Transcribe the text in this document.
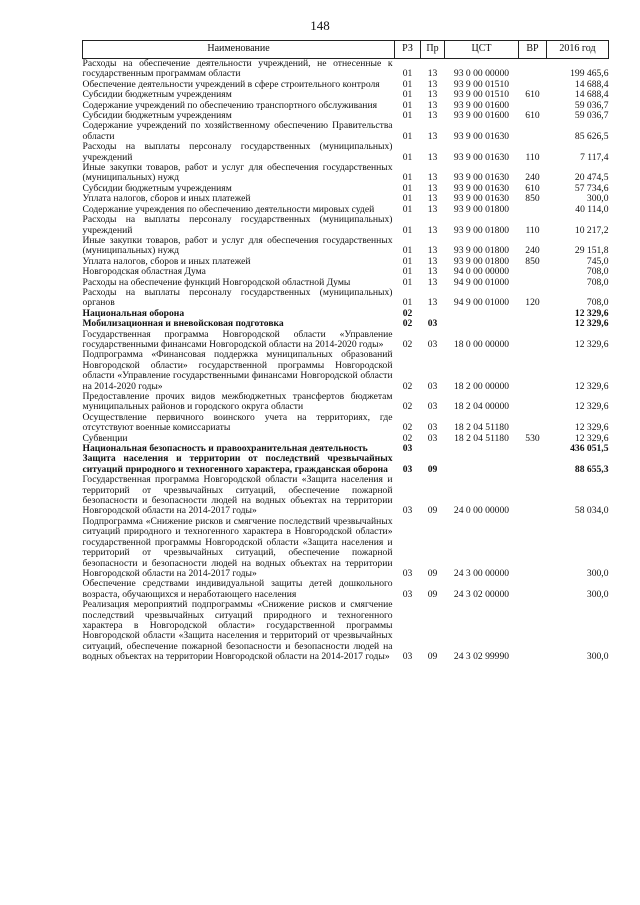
148
Наименование	РЗ	Пр	ЦСТ	ВР	2016 год
Расходы на обеспечение деятельности учреждений, не отнесенные к государственным программам области	01	13	93 0 00 00000		199 465,6
Обеспечение деятельности учреждений в сфере строительного контроля	01	13	93 9 00 01510		14 688,4
Субсидии бюджетным учреждениям	01	13	93 9 00 01510	610	14 688,4
Содержание учреждений по обеспечению транспортного обслуживания	01	13	93 9 00 01600		59 036,7
Субсидии бюджетным учреждениям	01	13	93 9 00 01600	610	59 036,7
Содержание учреждений по хозяйственному обеспечению Правительства области	01	13	93 9 00 01630		85 626,5
Расходы на выплаты персоналу государственных (муниципальных) учреждений	01	13	93 9 00 01630	110	7 117,4
Иные закупки товаров, работ и услуг для обеспечения государственных (муниципальных) нужд	01	13	93 9 00 01630	240	20 474,5
Субсидии бюджетным учреждениям	01	13	93 9 00 01630	610	57 734,6
Уплата налогов, сборов и иных платежей	01	13	93 9 00 01630	850	300,0
Содержание учреждения по обеспечению деятельности мировых судей	01	13	93 9 00 01800		40 114,0
Расходы на выплаты персоналу государственных (муниципальных) учреждений	01	13	93 9 00 01800	110	10 217,2
Иные закупки товаров, работ и услуг для обеспечения государственных (муниципальных) нужд	01	13	93 9 00 01800	240	29 151,8
Уплата налогов, сборов и иных платежей	01	13	93 9 00 01800	850	745,0
Новгородская областная Дума	01	13	94 0 00 00000		708,0
Расходы на обеспечение функций Новгородской областной Думы	01	13	94 9 00 01000		708,0
Расходы на выплаты персоналу государственных (муниципальных) органов	01	13	94 9 00 01000	120	708,0
Национальная оборона	02				12 329,6
Мобилизационная и вневойсковая подготовка	02	03			12 329,6
Государственная программа Новгородской области «Управление государственными финансами Новгородской области на 2014-2020 годы»	02	03	18 0 00 00000		12 329,6
Подпрограмма «Финансовая поддержка муниципальных образований Новгородской области» государственной программы Новгородской области «Управление государственными финансами Новгородской области на 2014-2020 годы»	02	03	18 2 00 00000		12 329,6
Предоставление прочих видов межбюджетных трансфертов бюджетам муниципальных районов и городского округа области	02	03	18 2 04 00000		12 329,6
Осуществление первичного воинского учета на территориях, где отсутствуют военные комиссариаты	02	03	18 2 04 51180		12 329,6
Субвенции	02	03	18 2 04 51180	530	12 329,6
Национальная безопасность и правоохранительная деятельность	03				436 051,5
Защита населения и территории от последствий чрезвычайных ситуаций природного и техногенного характера, гражданская оборона	03	09			88 655,3
Государственная программа Новгородской области «Защита населения и территорий от чрезвычайных ситуаций, обеспечение пожарной безопасности и безопасности людей на водных объектах на территории Новгородской области на 2014-2017 годы»	03	09	24 0 00 00000		58 034,0
Подпрограмма «Снижение рисков и смягчение последствий чрезвычайных ситуаций природного и техногенного характера в Новгородской области» государственной программы Новгородской области «Защита населения и территорий от чрезвычайных ситуаций, обеспечение пожарной безопасности и безопасности людей на водных объектах на территории Новгородской области на 2014-2017 годы»	03	09	24 3 00 00000		300,0
Обеспечение средствами индивидуальной защиты детей дошкольного возраста, обучающихся и неработающего населения	03	09	24 3 02 00000		300,0
Реализация мероприятий подпрограммы «Снижение рисков и смягчение последствий чрезвычайных ситуаций природного и техногенного характера в Новгородской области» государственной программы Новгородской области «Защита населения и территорий от чрезвычайных ситуаций, обеспечение пожарной безопасности и безопасности людей на водных объектах на территории Новгородской области на 2014-2017 годы»	03	09	24 3 02 99990		300,0
